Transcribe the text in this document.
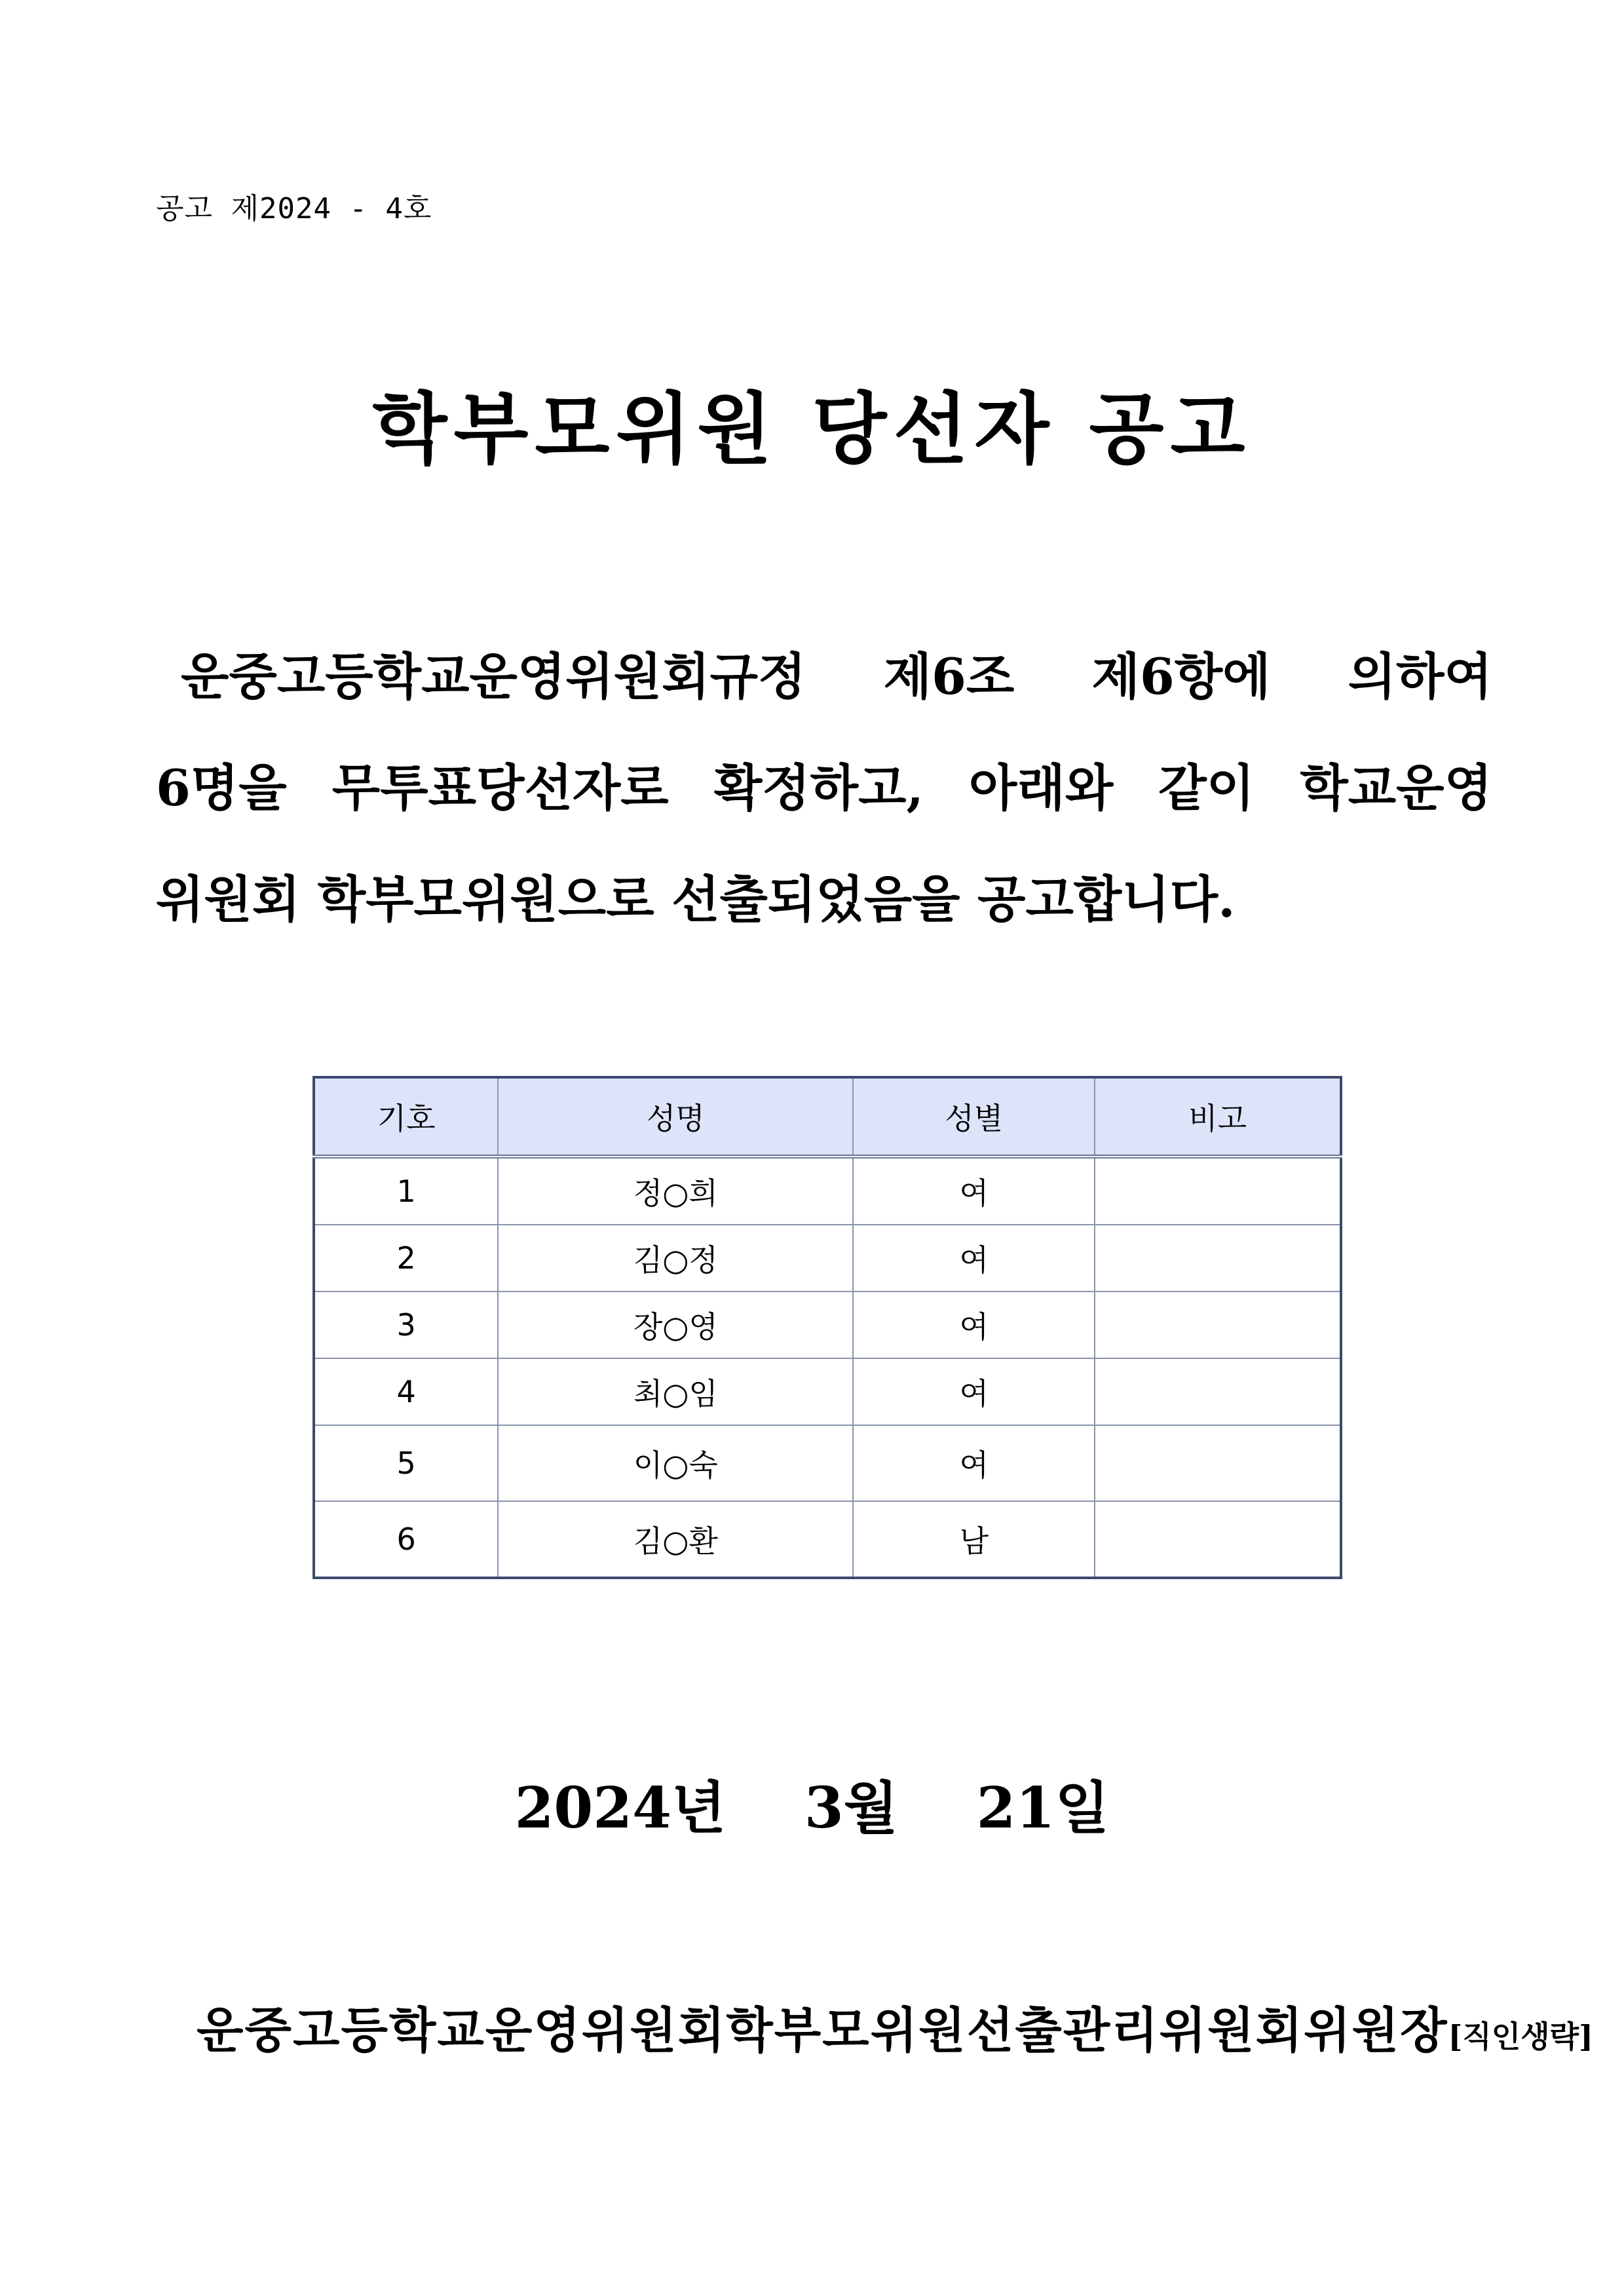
공고 제2024 - 4호
학부모위원 당선자 공고
운중고등학교운영위원회규정 제6조 제6항에 의하여
6명을 무투표당선자로 확정하고, 아래와 같이 학교운영
위원회 학부모위원으로 선출되었음을 공고합니다.
기호	성명	성별	비고
1	정○희	여	
2	김○정	여	
3	장○영	여	
4	최○임	여	
5	이○숙	여	
6	김○환	남	
2024년  3월  21일
운중고등학교운영위원회학부모위원선출관리위원회위원장[직인생략]
